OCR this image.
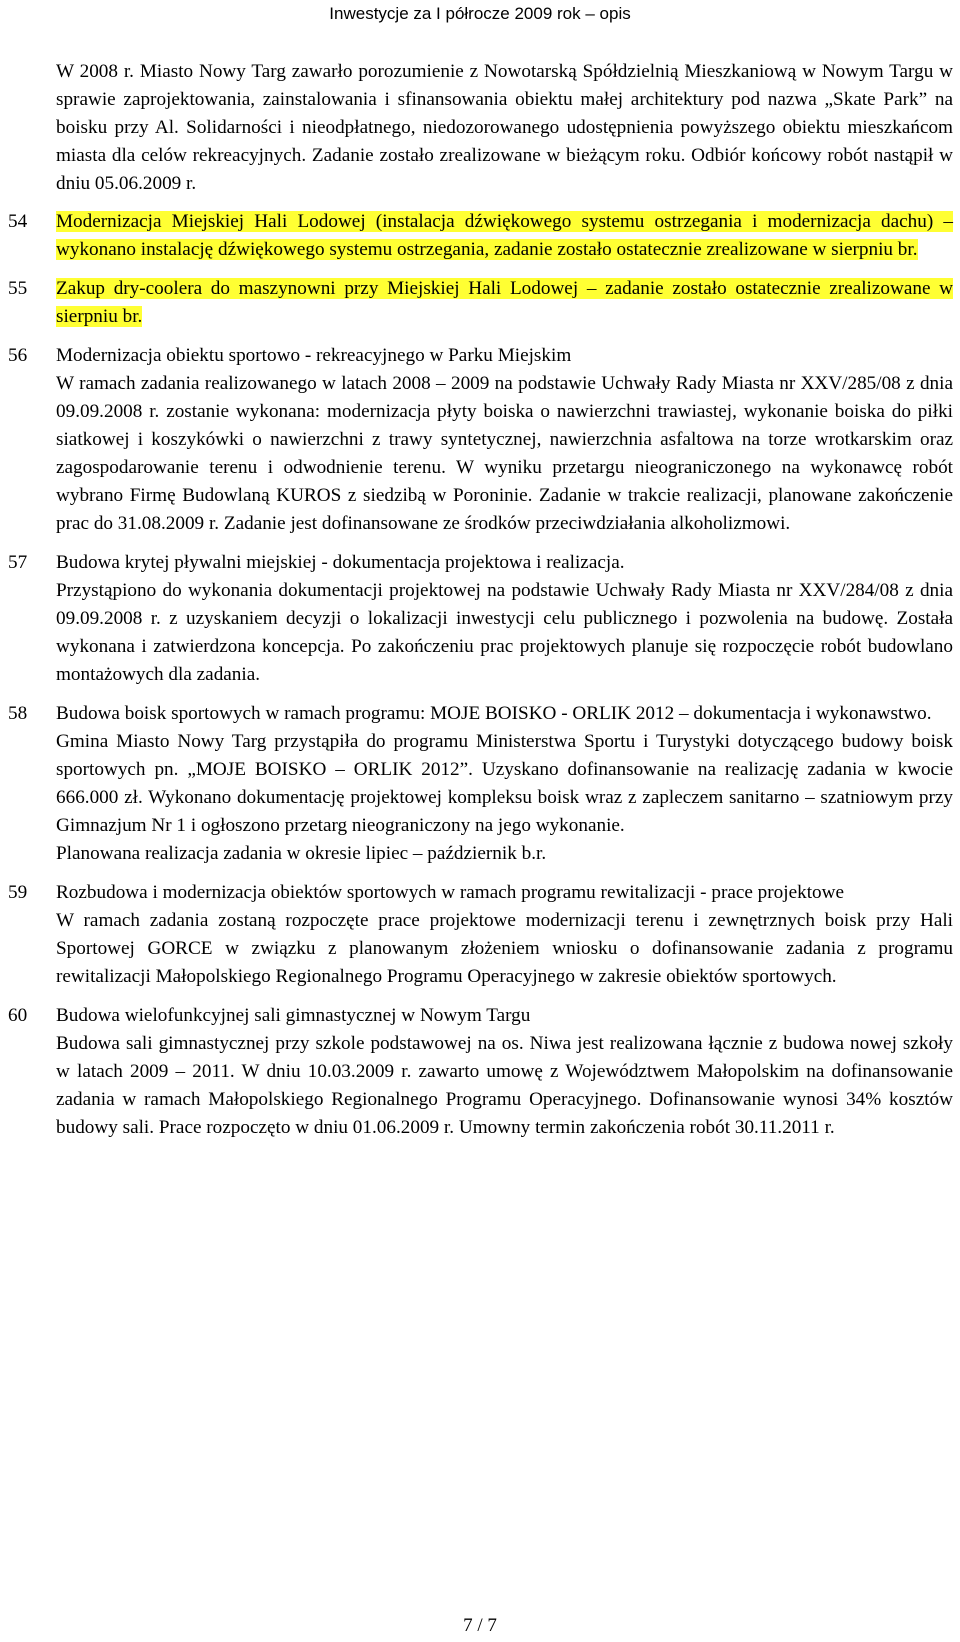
Inwestycje za I półrocze 2009 rok – opis
W 2008 r. Miasto Nowy Targ zawarło porozumienie z Nowotarską Spółdzielnią Mieszkaniową w Nowym Targu w sprawie zaprojektowania, zainstalowania i sfinansowania obiektu małej architektury pod nazwa „Skate Park” na boisku przy Al. Solidarności i nieodpłatnego, niedozorowanego udostępnienia powyższego obiektu mieszkańcom miasta dla celów rekreacyjnych. Zadanie zostało zrealizowane w bieżącym roku. Odbiór końcowy robót nastąpił w dniu 05.06.2009 r.
54	Modernizacja Miejskiej Hali Lodowej (instalacja dźwiękowego systemu ostrzegania i modernizacja dachu) – wykonano instalację dźwiękowego systemu ostrzegania, zadanie zostało ostatecznie zrealizowane w sierpniu br.
55	Zakup dry-coolera do maszynowni przy Miejskiej Hali Lodowej – zadanie zostało ostatecznie zrealizowane w sierpniu br.
56	Modernizacja obiektu sportowo - rekreacyjnego w Parku Miejskim
W ramach zadania realizowanego w latach 2008 – 2009 na podstawie Uchwały Rady Miasta nr XXV/285/08 z dnia 09.09.2008 r. zostanie wykonana: modernizacja płyty boiska o nawierzchni trawiastej, wykonanie boiska do piłki siatkowej i koszykówki o nawierzchni z trawy syntetycznej, nawierzchnia asfaltowa na torze wrotkarskim oraz zagospodarowanie terenu i odwodnienie terenu. W wyniku przetargu nieograniczonego na wykonawcę robót wybrano Firmę Budowlaną KUROS z siedzibą w Poroninie. Zadanie w trakcie realizacji, planowane zakończenie prac do 31.08.2009 r. Zadanie jest dofinansowane ze środków przeciwdziałania alkoholizmowi.
57	Budowa krytej pływalni miejskiej - dokumentacja projektowa i realizacja.
Przystąpiono do wykonania dokumentacji projektowej na podstawie Uchwały Rady Miasta nr XXV/284/08 z dnia 09.09.2008 r. z uzyskaniem decyzji o lokalizacji inwestycji celu publicznego i pozwolenia na budowę. Została wykonana i zatwierdzona koncepcja. Po zakończeniu prac projektowych planuje się rozpoczęcie robót budowlano montażowych dla zadania.
58	Budowa boisk sportowych w ramach programu: MOJE BOISKO - ORLIK 2012 – dokumentacja i wykonawstwo.
Gmina Miasto Nowy Targ przystąpiła do programu Ministerstwa Sportu i Turystyki dotyczącego budowy boisk sportowych pn. „MOJE BOISKO – ORLIK 2012”. Uzyskano dofinansowanie na realizację zadania w kwocie 666.000 zł. Wykonano dokumentację projektowej kompleksu boisk wraz z zapleczem sanitarno – szatniowym przy Gimnazjum Nr 1 i ogłoszono przetarg nieograniczony na jego wykonanie.
Planowana realizacja zadania w okresie lipiec – październik b.r.
59	Rozbudowa i modernizacja obiektów sportowych w ramach programu rewitalizacji - prace projektowe
W ramach zadania zostaną rozpoczęte prace projektowe modernizacji terenu i zewnętrznych boisk przy Hali Sportowej GORCE w związku z planowanym złożeniem wniosku o dofinansowanie zadania z programu rewitalizacji Małopolskiego Regionalnego Programu Operacyjnego w zakresie obiektów sportowych.
60	Budowa wielofunkcyjnej sali gimnastycznej w Nowym Targu
Budowa sali gimnastycznej przy szkole podstawowej na os. Niwa jest realizowana łącznie z budowa nowej szkoły w latach 2009 – 2011. W dniu 10.03.2009 r. zawarto umowę z Województwem Małopolskim na dofinansowanie zadania w ramach Małopolskiego Regionalnego Programu Operacyjnego. Dofinansowanie wynosi 34% kosztów budowy sali. Prace rozpoczęto w dniu 01.06.2009 r. Umowny termin zakończenia robót 30.11.2011 r.
7 / 7
